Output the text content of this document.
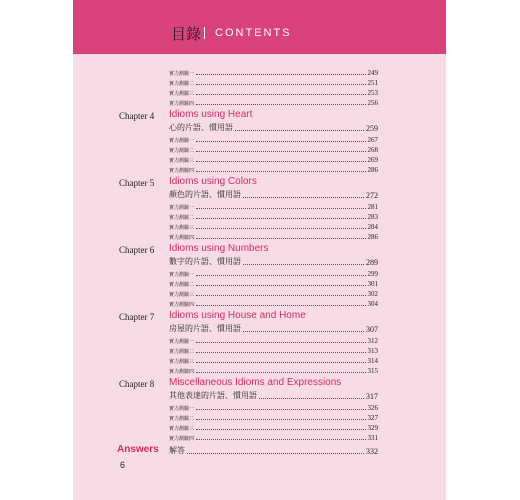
目錄 CONTENTS
實力測驗一	249
實力測驗二	251
實力測驗三	253
實力測驗四	256
Chapter 4 Idioms using Heart
心的片語、慣用語	259
實力測驗一	267
實力測驗二	268
實力測驗三	269
實力測驗四	286
Chapter 5 Idioms using Colors
顏色的片語、慣用語	272
實力測驗一	281
實力測驗二	283
實力測驗三	284
實力測驗四	286
Chapter 6 Idioms using Numbers
數字的片語、慣用語	289
實力測驗一	299
實力測驗二	301
實力測驗三	302
實力測驗四	304
Chapter 7 Idioms using House and Home
房屋的片語、慣用語	307
實力測驗一	312
實力測驗二	313
實力測驗三	314
實力測驗四	315
Chapter 8 Miscellaneous Idioms and Expressions
其他表達的片語、慣用語	317
實力測驗一	326
實力測驗二	327
實力測驗三	329
實力測驗四	331
Answers 解答	332
6
